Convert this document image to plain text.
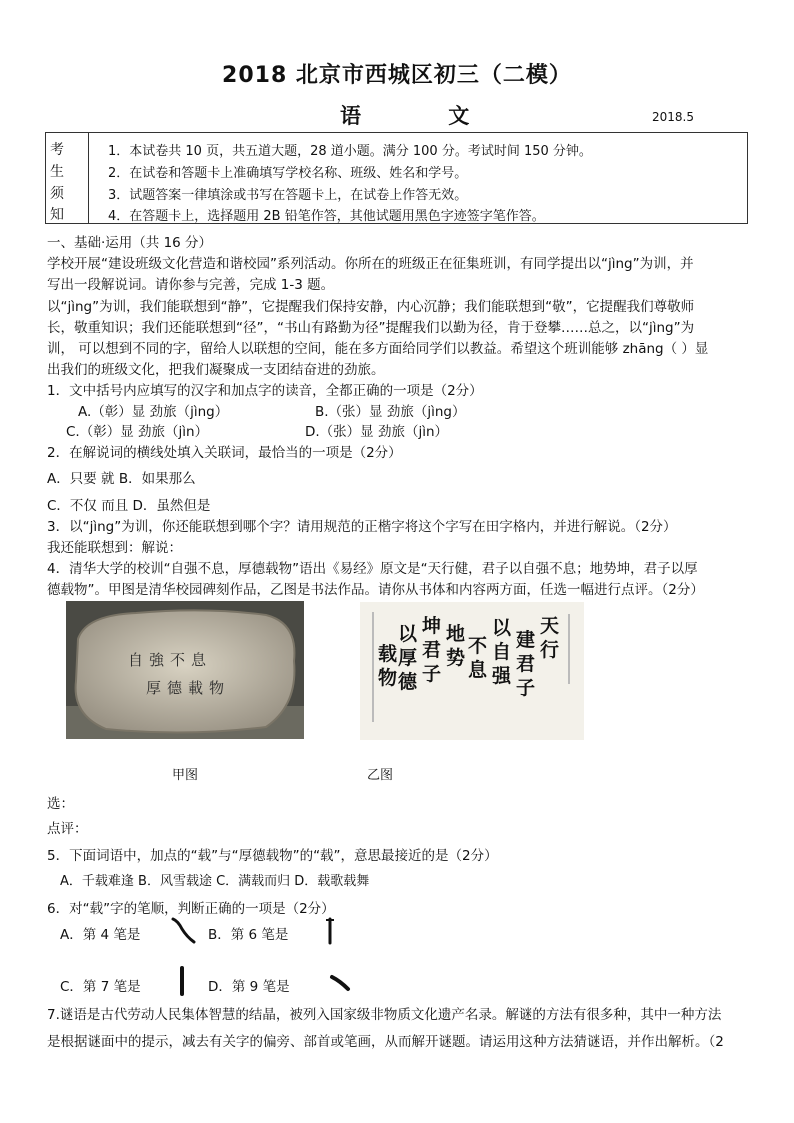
2018 北京市西城区初三（二模）
语 文	2018.5
考
生
须
知
1．本试卷共 10 页，共五道大题，28 道小题。满分 100 分。考试时间 150 分钟。
2．在试卷和答题卡上准确填写学校名称、班级、姓名和学号。
3．试题答案一律填涂或书写在答题卡上，在试卷上作答无效。
4．在答题卡上，选择题用 2B 铅笔作答，其他试题用黑色字迹签字笔作答。
一、基础·运用（共 16 分）
学校开展“建设班级文化营造和谐校园”系列活动。你所在的班级正在征集班训，有同学提出以“jìng”为训，并
写出一段解说词。请你参与完善，完成 1-3 题。
以“jìng”为训，我们能联想到“静”，它提醒我们保持安静，内心沉静；我们能联想到“敬”，它提醒我们尊敬师
长，敬重知识；我们还能联想到“径”，“书山有路勤为径”提醒我们以勤为径，肯于登攀……总之，以“jìng”为
训， 可以想到不同的字，留给人以联想的空间，能在多方面给同学们以教益。希望这个班训能够 zhāng（ ）显
出我们的班级文化，把我们凝聚成一支团结奋进的劲旅。
1．文中括号内应填写的汉字和加点字的读音，全都正确的一项是（2分）
A.（彰）显 劲旅（jìng）	B.（张）显 劲旅（jìng）
C.（彰）显 劲旅（jìn）	D.（张）显 劲旅（jìn）
2．在解说词的横线处填入关联词，最恰当的一项是（2分）
A．只要 就 B．如果那么
C．不仅 而且 D．虽然但是
3．以“jìng”为训，你还能联想到哪个字？请用规范的正楷字将这个字写在田字格内，并进行解说。（2分）
我还能联想到：解说：
4．清华大学的校训“自强不息，厚德载物”语出《易经》原文是“天行健，君子以自强不息；地势坤，君子以厚
德载物”。甲图是清华校园碑刻作品，乙图是书法作品。请你从书体和内容两方面，任选一幅进行点评。（2分）
自強不息
厚德載物
天行
建君子
以自强
不息
地势
坤君子
以厚德
载物
甲图	乙图
选：
点评：
5．下面词语中，加点的“载”与“厚德载物”的“载”，意思最接近的是（2分）
A．千载难逢 B．风雪载途 C．满载而归 D．载歌载舞
6．对“载”字的笔顺，判断正确的一项是（2分）
A．第 4 笔是	B．第 6 笔是
C．第 7 笔是	D．第 9 笔是
7.谜语是古代劳动人民集体智慧的结晶，被列入国家级非物质文化遗产名录。解谜的方法有很多种，其中一种方法
是根据谜面中的提示，减去有关字的偏旁、部首或笔画，从而解开谜题。请运用这种方法猜谜语，并作出解析。（2
